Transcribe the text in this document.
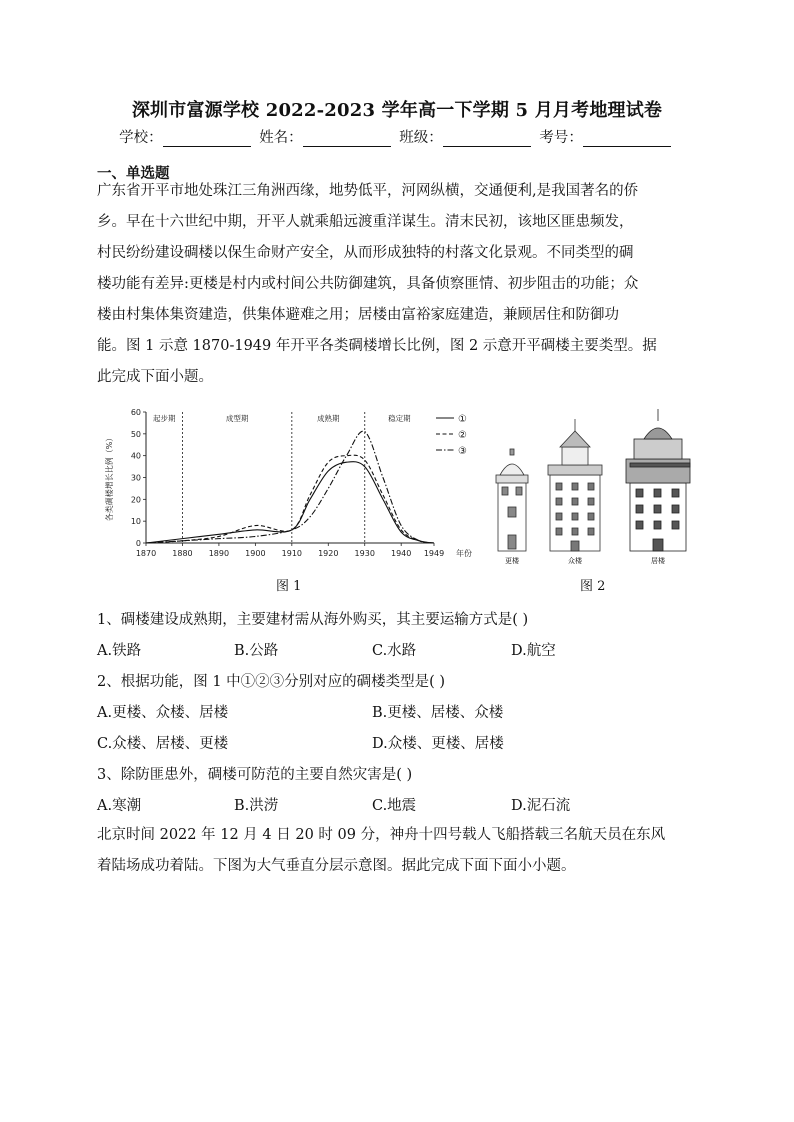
深圳市富源学校 2022-2023 学年高一下学期 5 月月考地理试卷
学校：	姓名：	班级：	考号：
一、单选题
广东省开平市地处珠江三角洲西缘，地势低平，河网纵横，交通便利,是我国著名的侨
乡。早在十六世纪中期，开平人就乘船远渡重洋谋生。清末民初，该地区匪患频发，
村民纷纷建设碉楼以保生命财产安全，从而形成独特的村落文化景观。不同类型的碉
楼功能有差异:更楼是村内或村间公共防御建筑，具备侦察匪情、初步阻击的功能；众
楼由村集体集资建造，供集体避难之用；居楼由富裕家庭建造，兼顾居住和防御功
能。图 1 示意 1870-1949 年开平各类碉楼增长比例，图 2 示意开平碉楼主要类型。据
此完成下面小题。
0
10
20
30
40
50
60
1870 1880 1890 1900 1910 1920 1930 1940 1949 年份
各类碉楼增长比例（%）
起步期	成型期	成熟期	稳定期	①
②
③
图 1
更楼	众楼	居楼
图 2
1、碉楼建设成熟期，主要建材需从海外购买，其主要运输方式是( )
A.铁路	B.公路	C.水路	D.航空
2、根据功能，图 1 中①②③分别对应的碉楼类型是( )
A.更楼、众楼、居楼	B.更楼、居楼、众楼
C.众楼、居楼、更楼	D.众楼、更楼、居楼
3、除防匪患外，碉楼可防范的主要自然灾害是( )
A.寒潮	B.洪涝	C.地震	D.泥石流
北京时间 2022 年 12 月 4 日 20 时 09 分，神舟十四号载人飞船搭载三名航天员在东风
着陆场成功着陆。下图为大气垂直分层示意图。据此完成下面下面小小题。
